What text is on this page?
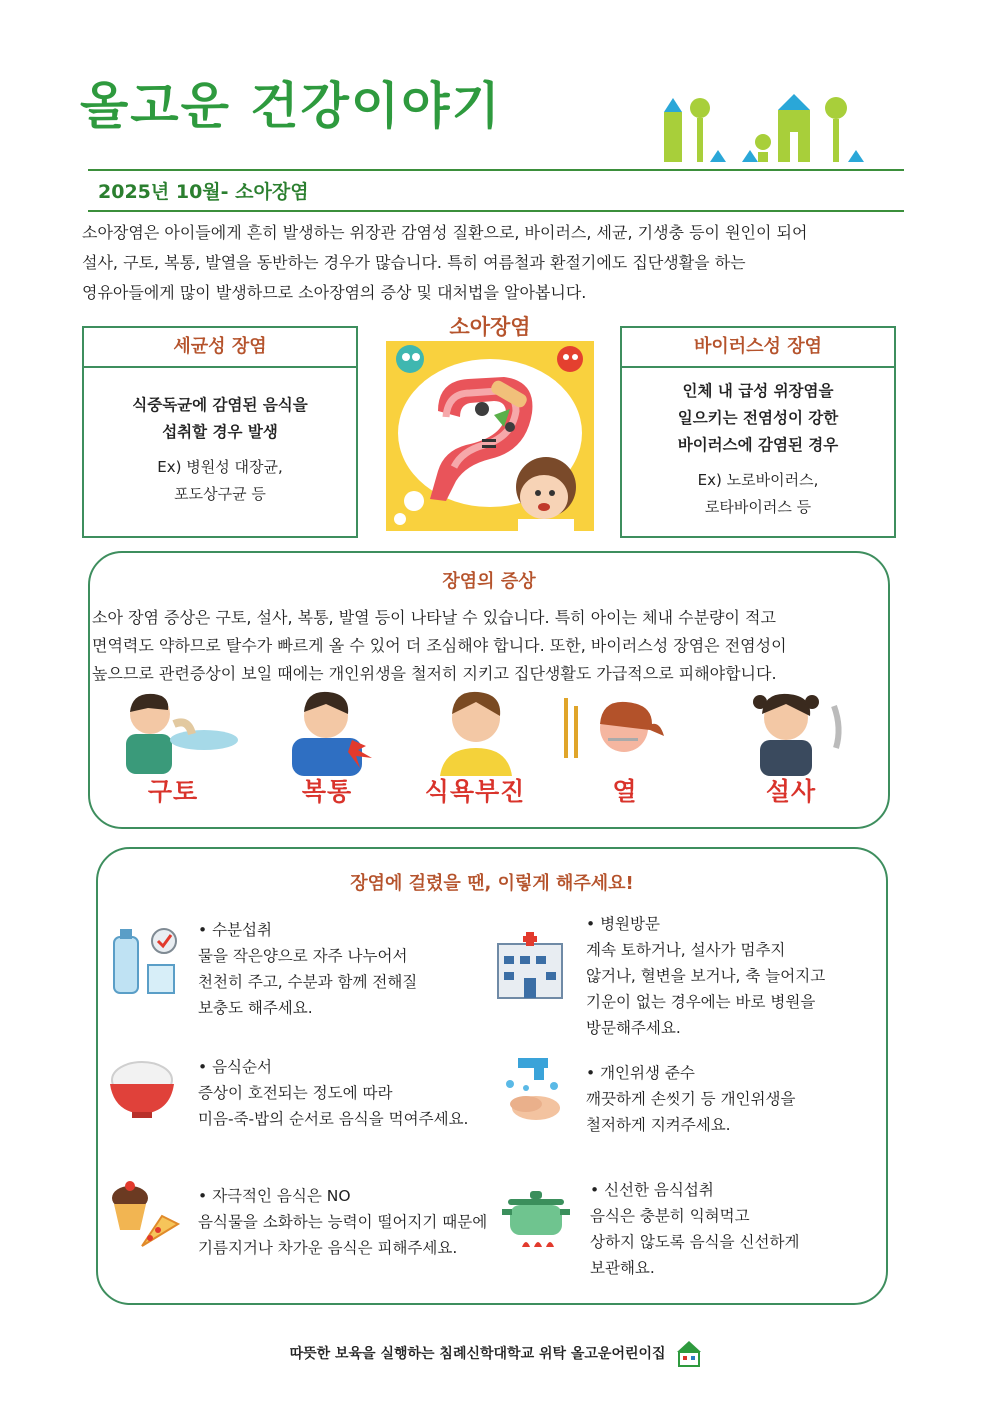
올고운 건강이야기
2025년 10월- 소아장염

소아장염은 아이들에게 흔히 발생하는 위장관 감염성 질환으로, 바이러스, 세균, 기생충 등이 원인이 되어

설사, 구토, 복통, 발열을 동반하는 경우가 많습니다. 특히 여름철과 환절기에도 집단생활을 하는

영유아들에게 많이 발생하므로 소아장염의 증상 및 대처법을 알아봅니다.

세균성 장염
식중독균에 감염된 음식을
섭취할 경우 발생
Ex) 병원성 대장균,
포도상구균 등
소아장염
바이러스성 장염
인체 내 급성 위장염을
일으키는 전염성이 강한
바이러스에 감염된 경우
Ex) 노로바이러스,
로타바이러스 등
장염의 증상

소아 장염 증상은 구토, 설사, 복통, 발열 등이 나타날 수 있습니다. 특히 아이는 체내 수분량이 적고

면역력도 약하므로 탈수가 빠르게 올 수 있어 더 조심해야 합니다. 또한, 바이러스성 장염은 전염성이

높으므로 관련증상이 보일 때에는 개인위생을 철저히 지키고 집단생활도 가급적으로 피해야합니다.

구토	복통	식욕부진	열	설사
장염에 걸렸을 땐, 이렇게 해주세요!

• 수분섭취

물을 작은양으로 자주 나누어서

천천히 주고, 수분과 함께 전해질

보충도 해주세요.

• 병원방문

계속 토하거나, 설사가 멈추지

않거나, 혈변을 보거나, 축 늘어지고

기운이 없는 경우에는 바로 병원을

방문해주세요.

• 음식순서

증상이 호전되는 정도에 따라

미음-죽-밥의 순서로 음식을 먹여주세요.

• 개인위생 준수

깨끗하게 손씻기 등 개인위생을

철저하게 지켜주세요.

• 자극적인 음식은 NO

음식물을 소화하는 능력이 떨어지기 때문에

기름지거나 차가운 음식은 피해주세요.

• 신선한 음식섭취

음식은 충분히 익혀먹고

상하지 않도록 음식을 신선하게

보관해요.

따뜻한 보육을 실행하는 침례신학대학교 위탁 올고운어린이집
